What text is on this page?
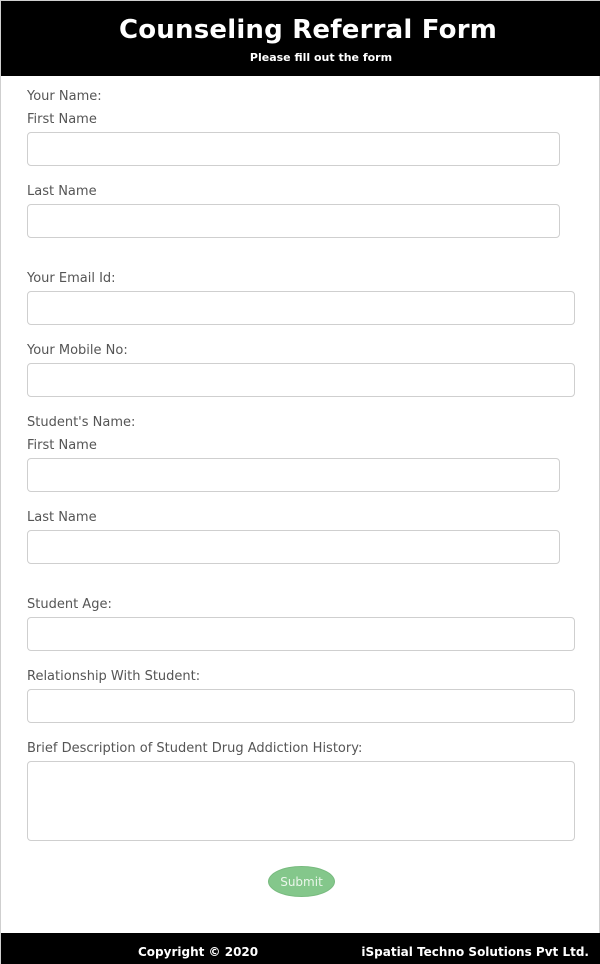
Counseling Referral Form
Please fill out the form
Your Name:
First Name
Last Name
Your Email Id:
Your Mobile No:
Student's Name:
First Name
Last Name
Student Age:
Relationship With Student:
Brief Description of Student Drug Addiction History:
Submit
Copyright © 2020	iSpatial Techno Solutions Pvt Ltd.
